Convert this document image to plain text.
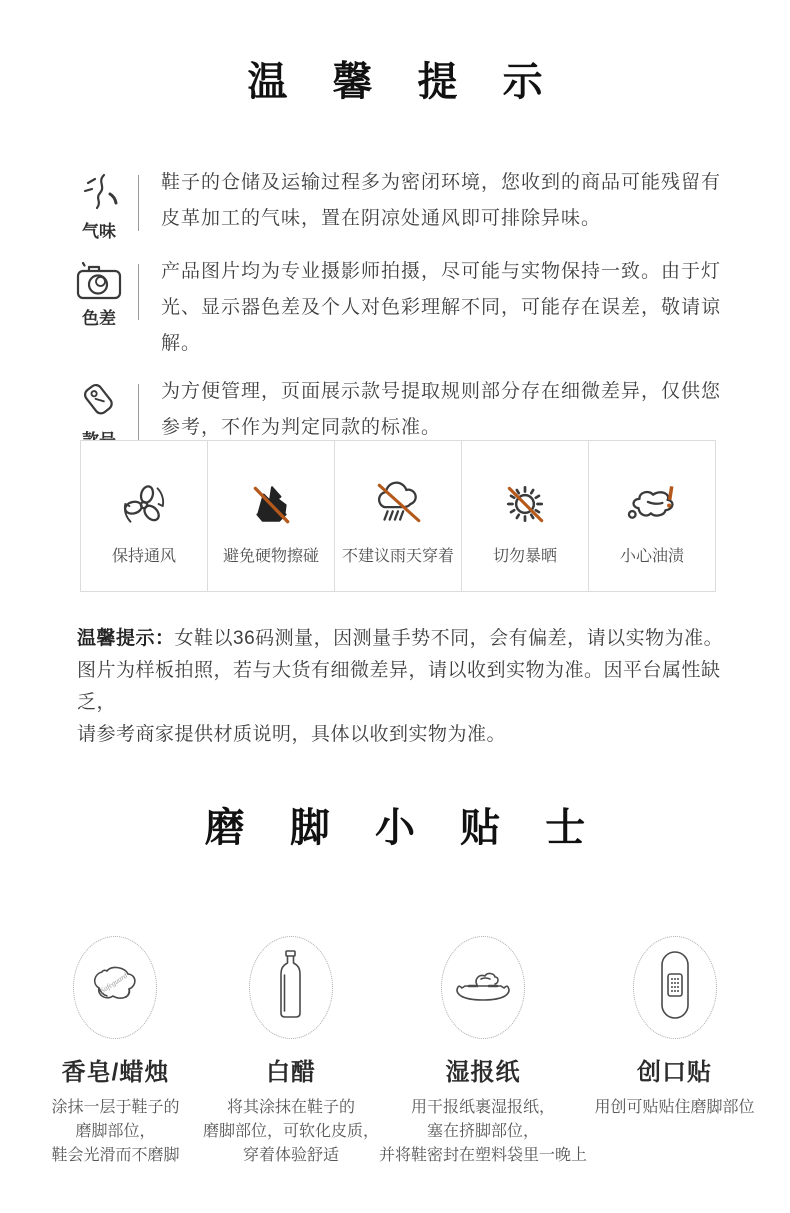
温 馨 提 示
气味
鞋子的仓储及运输过程多为密闭环境，您收到的商品可能残留有皮革加工的气味，置在阴凉处通风即可排除异味。
色差
产品图片均为专业摄影师拍摄，尽可能与实物保持一致。由于灯光、显示器色差及个人对色彩理解不同，可能存在误差，敬请谅解。
为方便管理，页面展示款号提取规则部分存在细微差异，仅供您参考，不作为判定同款的标准。
保持通风	避免硬物擦碰 不建议雨天穿着 切勿暴晒	小心油渍
温馨提示：女鞋以36码测量，因测量手势不同，会有偏差，请以实物为准。
图片为样板拍照，若与大货有细微差异，请以收到实物为准。因平台属性缺乏，
请参考商家提供材质说明，具体以收到实物为准。
磨 脚 小 贴 士
Safeguard
香皂/蜡烛
涂抹一层于鞋子的
磨脚部位，
鞋会光滑而不磨脚
白醋
将其涂抹在鞋子的
磨脚部位，可软化皮质，
穿着体验舒适
湿报纸
用干报纸裹湿报纸，
塞在挤脚部位，
并将鞋密封在塑料袋里一晚上
创口贴
用创可贴贴住磨脚部位
